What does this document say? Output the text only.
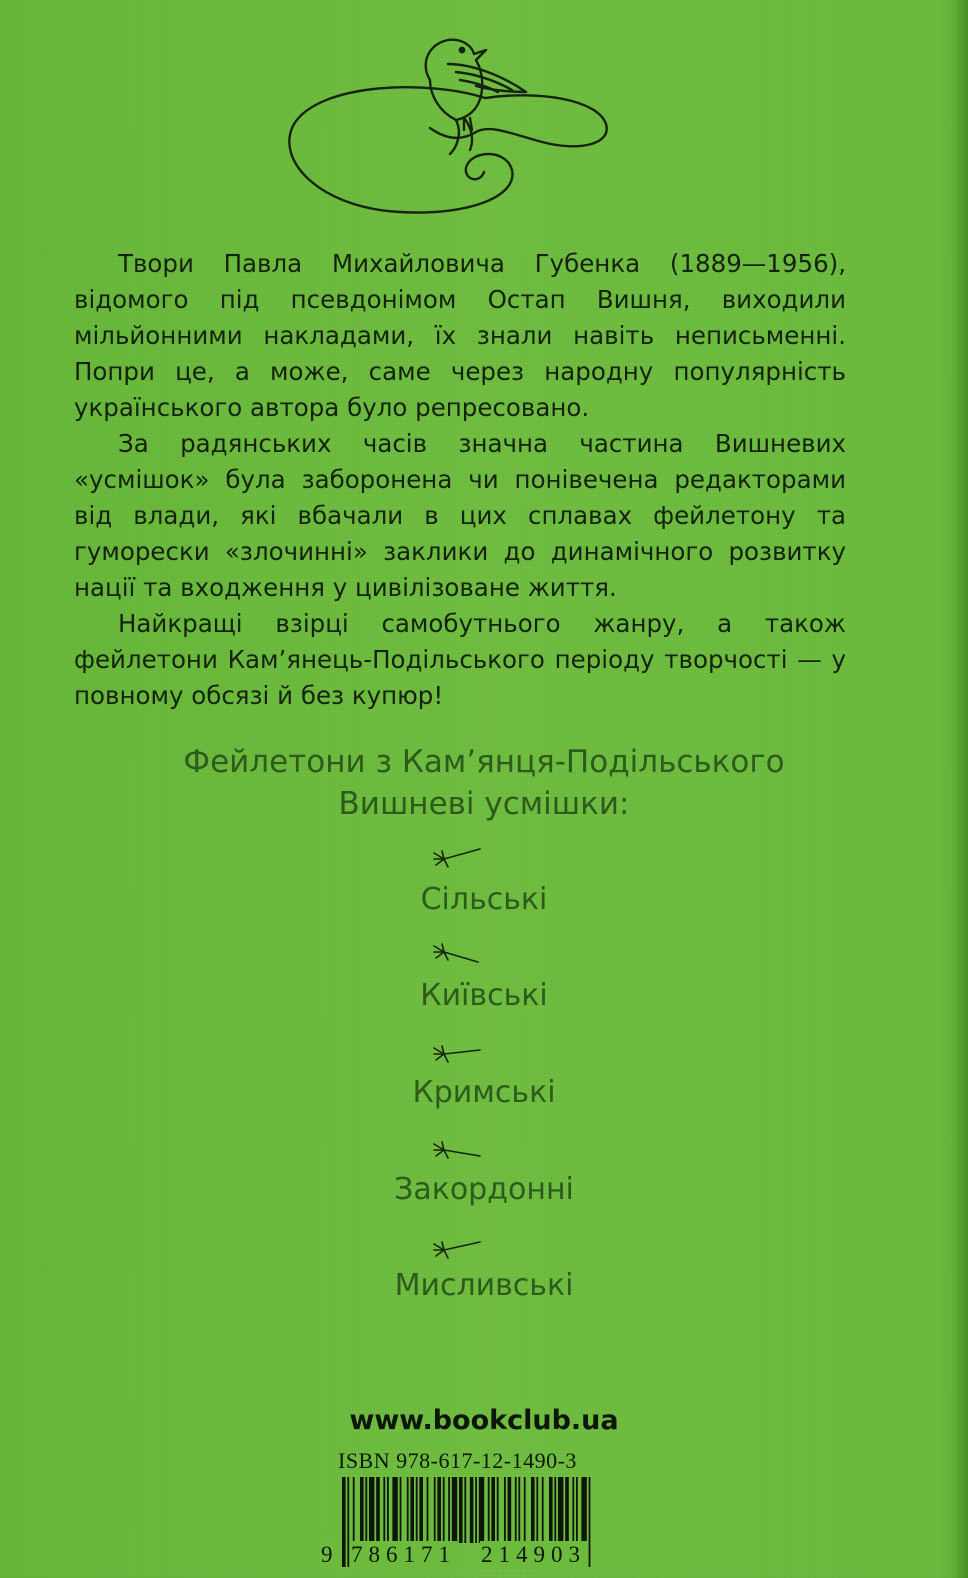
Твори Павла Михайловича Губенка (1889—1956), відомого під псевдонімом Остап Вишня, виходили мільйонними накладами, їх знали навіть неписьменні. Попри це, а може, саме через народну популярність українського автора було репресовано.

За радянських часів значна частина Вишневих «усмішок» була заборонена чи понівечена редакторами від влади, які вбачали в цих сплавах фейлетону та гуморески «злочинні» заклики до динамічного розвитку нації та входження у цивілізоване життя.

Найкращі взірці самобутнього жанру, а також фейлетони Кам’янець-Подільського періоду творчості — у повному обсязі й без купюр!

Фейлетони з Кам’янця-Подільського
Вишневі усмішки:
Сільські
Київські
Кримські
Закордонні
Мисливські
www.bookclub.ua
ISBN 978-617-12-1490-3
9 786171 214903
